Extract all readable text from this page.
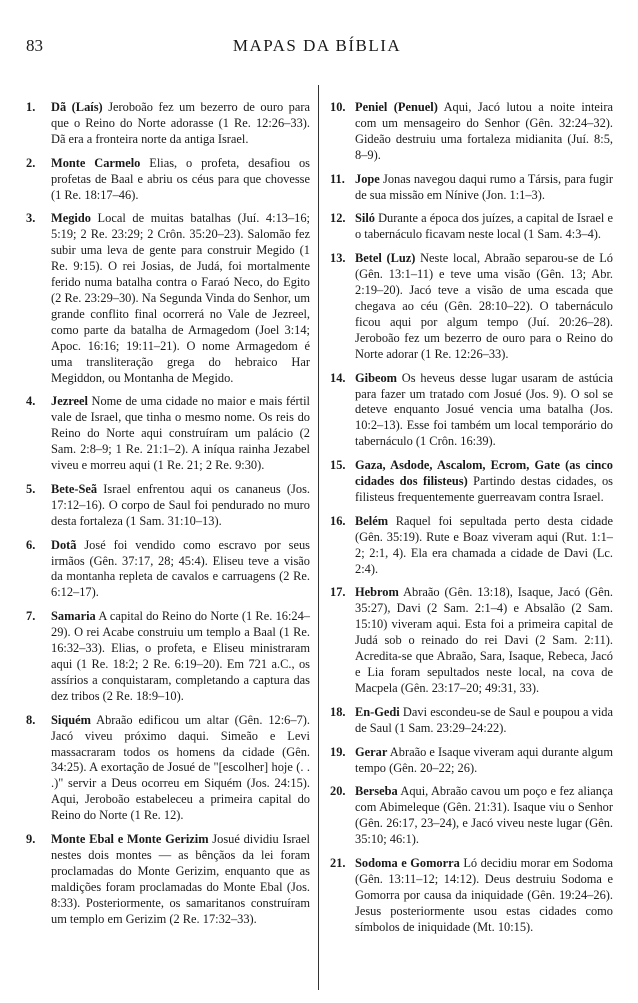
83	MAPAS DA BÍBLIA
1.	Dã (Laís) Jeroboão fez um bezerro de ouro para que o Reino do Norte adorasse (1 Re. 12:26–33). Dã era a fronteira norte da antiga Israel.
2.	Monte Carmelo Elias, o profeta, desafiou os profetas de Baal e abriu os céus para que chovesse (1 Re. 18:17–46).
3.	Megido Local de muitas batalhas (Juí. 4:13–16; 5:19; 2 Re. 23:29; 2 Crôn. 35:20–23). Salomão fez subir uma leva de gente para construir Megido (1 Re. 9:15). O rei Josias, de Judá, foi mortalmente ferido numa batalha contra o Faraó Neco, do Egito (2 Re. 23:29–30). Na Segunda Vinda do Senhor, um grande conflito final ocorrerá no Vale de Jezreel, como parte da batalha de Armagedom (Joel 3:14; Apoc. 16:16; 19:11–21). O nome Armagedom é uma transliteração grega do hebraico Har Megiddon, ou Montanha de Megido.
4.	Jezreel Nome de uma cidade no maior e mais fértil vale de Israel, que tinha o mesmo nome. Os reis do Reino do Norte aqui construíram um palácio (2 Sam. 2:8–9; 1 Re. 21:1–2). A iníqua rainha Jezabel viveu e morreu aqui (1 Re. 21; 2 Re. 9:30).
5.	Bete-Seã Israel enfrentou aqui os cananeus (Jos. 17:12–16). O corpo de Saul foi pendurado no muro desta fortaleza (1 Sam. 31:10–13).
6.	Dotã José foi vendido como escravo por seus irmãos (Gên. 37:17, 28; 45:4). Eliseu teve a visão da montanha repleta de cavalos e carruagens (2 Re. 6:12–17).
7.	Samaria A capital do Reino do Norte (1 Re. 16:24–29). O rei Acabe construiu um templo a Baal (1 Re. 16:32–33). Elias, o profeta, e Eliseu ministraram aqui (1 Re. 18:2; 2 Re. 6:19–20). Em 721 a.C., os assírios a conquistaram, completando a captura das dez tribos (2 Re. 18:9–10).
8.	Siquém Abraão edificou um altar (Gên. 12:6–7). Jacó viveu próximo daqui. Simeão e Levi massacraram todos os homens da cidade (Gên. 34:25). A exortação de Josué de "[escolher] hoje (. . .)" servir a Deus ocorreu em Siquém (Jos. 24:15). Aqui, Jeroboão estabeleceu a primeira capital do Reino do Norte (1 Re. 12).
9.	Monte Ebal e Monte Gerizim Josué dividiu Israel nestes dois montes — as bênçãos da lei foram proclamadas do Monte Gerizim, enquanto que as maldições foram proclamadas do Monte Ebal (Jos. 8:33). Posteriormente, os samaritanos construíram um templo em Gerizim (2 Re. 17:32–33).
10. Peniel (Penuel) Aqui, Jacó lutou a noite inteira com um mensageiro do Senhor (Gên. 32:24–32). Gideão destruiu uma fortaleza midianita (Juí. 8:5, 8–9).
11. Jope Jonas navegou daqui rumo a Társis, para fugir de sua missão em Nínive (Jon. 1:1–3).
12. Siló Durante a época dos juízes, a capital de Israel e o tabernáculo ficavam neste local (1 Sam. 4:3–4).
13. Betel (Luz) Neste local, Abraão separou-se de Ló (Gên. 13:1–11) e teve uma visão (Gên. 13; Abr. 2:19–20). Jacó teve a visão de uma escada que chegava ao céu (Gên. 28:10–22). O tabernáculo ficou aqui por algum tempo (Juí. 20:26–28). Jeroboão fez um bezerro de ouro para o Reino do Norte adorar (1 Re. 12:26–33).
14. Gibeom Os heveus desse lugar usaram de astúcia para fazer um tratado com Josué (Jos. 9). O sol se deteve enquanto Josué vencia uma batalha (Jos. 10:2–13). Esse foi também um local temporário do tabernáculo (1 Crôn. 16:39).
15. Gaza, Asdode, Ascalom, Ecrom, Gate (as cinco cidades dos filisteus) Partindo destas cidades, os filisteus frequentemente guerreavam contra Israel.
16. Belém Raquel foi sepultada perto desta cidade (Gên. 35:19). Rute e Boaz viveram aqui (Rut. 1:1–2; 2:1, 4). Ela era chamada a cidade de Davi (Lc. 2:4).
17. Hebrom Abraão (Gên. 13:18), Isaque, Jacó (Gên. 35:27), Davi (2 Sam. 2:1–4) e Absalão (2 Sam. 15:10) viveram aqui. Esta foi a primeira capital de Judá sob o reinado do rei Davi (2 Sam. 2:11). Acredita-se que Abraão, Sara, Isaque, Rebeca, Jacó e Lia foram sepultados neste local, na cova de Macpela (Gên. 23:17–20; 49:31, 33).
18. En-Gedi Davi escondeu-se de Saul e poupou a vida de Saul (1 Sam. 23:29–24:22).
19. Gerar Abraão e Isaque viveram aqui durante algum tempo (Gên. 20–22; 26).
20. Berseba Aqui, Abraão cavou um poço e fez aliança com Abimeleque (Gên. 21:31). Isaque viu o Senhor (Gên. 26:17, 23–24), e Jacó viveu neste lugar (Gên. 35:10; 46:1).
21. Sodoma e Gomorra Ló decidiu morar em Sodoma (Gên. 13:11–12; 14:12). Deus destruiu Sodoma e Gomorra por causa da iniquidade (Gên. 19:24–26). Jesus posteriormente usou estas cidades como símbolos de iniquidade (Mt. 10:15).
